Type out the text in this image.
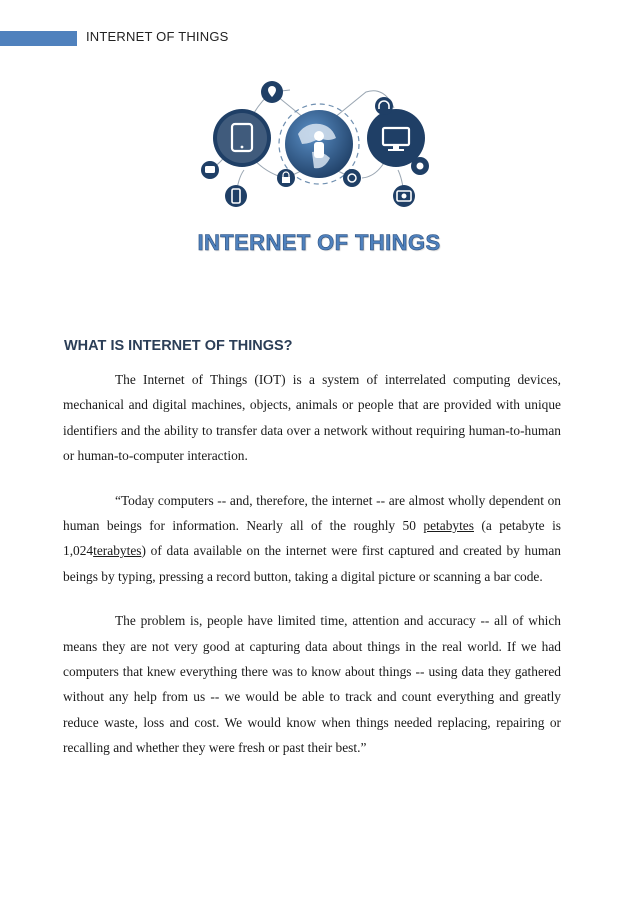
INTERNET OF THINGS
INTERNET OF THINGS
WHAT IS INTERNET OF THINGS?

The Internet of Things (IOT) is a system of interrelated computing devices, mechanical and digital machines, objects, animals or people that are provided with unique identifiers and the ability to transfer data over a network without requiring human-to-human or human-to-computer interaction.

“Today computers -- and, therefore, the internet -- are almost wholly dependent on human beings for information. Nearly all of the roughly 50 petabytes (a petabyte is 1,024terabytes) of data available on the internet were first captured and created by human beings by typing, pressing a record button, taking a digital picture or scanning a bar code.

The problem is, people have limited time, attention and accuracy -- all of which means they are not very good at capturing data about things in the real world. If we had computers that knew everything there was to know about things -- using data they gathered without any help from us -- we would be able to track and count everything and greatly reduce waste, loss and cost. We would know when things needed replacing, repairing or recalling and whether they were fresh or past their best.”
